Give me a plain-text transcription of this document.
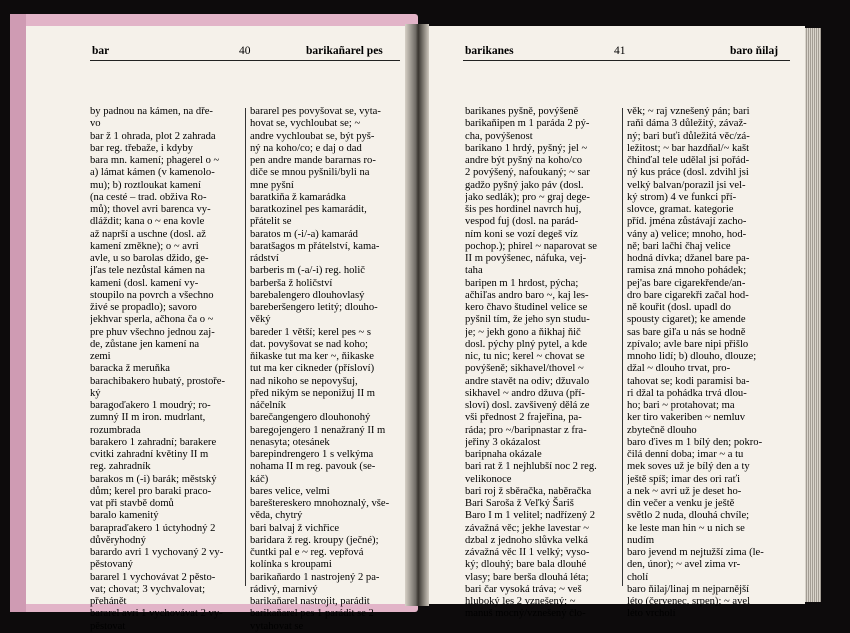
bar	40	barikañarel pes	barikanes	41	baro ňilaj
by padnou na kámen, na dře-
vo
bar ž 1 ohrada, plot 2 zahrada
bar reg. třebaže, i kdyby
bara mn. kamení; phagerel o ~
a) lámat kámen (v kamenolo-
mu); b) roztloukat kamení
(na cesté – trad. obživa Ro-
mů); thovel avri barenca vy-
dláždit; kana o ~ ena kovle
až naprší a uschne (dosl. až
kamení změkne); o ~ avri
avle, u so barolas džido, ge-
jľas tele nezůstal kámen na
kameni (dosl. kamení vy-
stoupilo na povrch a všechno
živé se propadlo); savoro
jekhvar sperla, ačhona ča o ~
pre phuv všechno jednou zaj-
de, zůstane jen kamení na
zemi
baracka ž meruňka
barachibakero hubatý, prostoře-
ký
baragoďakero 1 moudrý; ro-
zumný II m iron. mudrlant,
rozumbrada
barakero 1 zahradní; barakere
cvitki zahradní květiny II m
reg. zahradník
barakos m (-i) barák; městský
dům; kerel pro baraki praco-
vat při stavbě domů
baralo kamenitý
barapraďakero 1 úctyhodný 2
důvěryhodný
barardo avri 1 vychovaný 2 vy-
pěstovaný
bararel 1 vychovávat 2 pěsto-
vat; chovat; 3 vychvalovat;
přehánět
bararel avri 1 vychovávat 2 vy-
pěstovat
bararel pes povyšovat se, vyta-
hovat se, vychloubat se; ~
andre vychloubat se, být pyš-
ný na koho/co; e daj o dad
pen andre mande bararnas ro-
diče se mnou pyšnili/byli na
mne pyšní
baratkiňa ž kamarádka
baratkozinel pes kamarádit,
přátelit se
baratos m (-i/-a) kamarád
baratšagos m přátelství, kama-
rádství
barberis m (-a/-i) reg. holič
barberša ž holičství
barebalengero dlouhovlasý
bareberšengero letitý; dlouho-
věký
bareder 1 větší; kerel pes ~ s
dat. povyšovat se nad koho;
ňikaske tut ma ker ~, ňikaske
tut ma ker cikneder (přísloví)
nad nikoho se nepovyšuj,
před nikým se neponižuj II m
náčelník
barečangengero dlouhonohý
baregojengero 1 nenažraný II m
nenasyta; otesánek
barepindrengero 1 s velkýma
nohama II m reg. pavouk (se-
káč)
bares velice, velmi
bareštereskero mnohoznalý, vše-
věda, chytrý
bari balvaj ž vichřice
baridara ž reg. kroupy (ječné);
čuntki pal e ~ reg. vepřová
kolínka s kroupami
barikaňardo 1 nastrojený 2 pa-
rádivý, marnivý
barikaňarel nastrojit, parádit
barikaňarel pes 1 parádit se 2
vytahovat se
barikanes pyšně, povýšeně
barikaňipen m 1 paráda 2 pý-
cha, povýšenost
barikano 1 hrdý, pyšný; jel ~
andre být pyšný na koho/co
2 povýšený, nafoukaný; ~ sar
gadžo pyšný jako páv (dosl.
jako sedlák); pro ~ graj dege-
šis pes hordinel navrch huj,
vespod fuj (dosl. na parád-
ním koni se vozí degeš víz
pochop.); phirel ~ naparovat se
II m povýšenec, náfuka, vej-
taha
baripen m 1 hrdost, pýcha;
ačhiľas andro baro ~, kaj les-
kero čhavo študinel velice se
pyšnil tím, že jeho syn studu-
je; ~ jekh gono a ňikhaj ňič
dosl. pýchy plný pytel, a kde
nic, tu nic; kerel ~ chovat se
povýšeně; sikhavel/thovel ~
andre stavět na odiv; džuvalo
sikhavel ~ andro džuva (pří-
sloví) dosl. zavšivený dělá ze
vši přednost 2 frajeřina, pa-
ráda; pro ~/baripnastar z fra-
jeřiny 3 okázalost
baripnaha okázale
bari rat ž 1 nejhlubší noc 2 reg.
velikonoce
bari roj ž sběračka, naběračka
Bari Saroša ž Veľký Šariš
Baro I m 1 velitel; nadřízený 2
závažná věc; jekhe lavestar ~
dzbal z jednoho slůvka velká
závažná věc II 1 velký; vyso-
ký; dlouhý; bare bala dlouhé
vlasy; bare berša dlouhá léta;
bari čar vysoká tráva; ~ veš
hluboký les 2 vznešený; ~
manuš mocný/vznešený člo-
věk; ~ raj vznešený pán; bari
raňi dáma 3 důležitý, závaž-
ný; bari buťi důležitá věc/zá-
ležitost; ~ bar hazdňal/~ kašt
čhinďal tele udělal jsi pořád-
ný kus práce (dosl. zdvihl jsi
velký balvan/porazil jsi vel-
ký strom) 4 ve funkci pří-
slovce, gramat. kategorie
příd. jména zůstávají zacho-
vány a) velice; mnoho, hod-
ně; bari lačhi čhaj velice
hodná dívka; džanel bare pa-
ramisa zná mnoho pohádek;
pej'as bare cigarekřende/an-
dro bare cigarekři začal hod-
ně kouřit (dosl. upadl do
spousty cigaret); ke amende
sas bare giľa u nás se hodně
zpívalo; avle bare nipi přišlo
mnoho lidí; b) dlouho, dlouze;
džal ~ dlouho trvat, pro-
tahovat se; kodi paramisi ba-
ri džal ta pohádka trvá dlou-
ho; bari ~ protahovat; ma
ker tiro vakeriben ~ nemluv
zbytečně dlouho
baro ďives m 1 bílý den; pokro-
čilá denní doba; imar ~ a tu
mek soves už je bílý den a ty
ještě spíš; imar des ori raťi
a nek ~ avri už je deset ho-
din večer a venku je ještě
světlo 2 nuda, dlouhá chvíle;
ke leste man hin ~ u nich se
nudím
baro jevend m nejtužší zima (le-
den, únor); ~ avel zima vr-
cholí
baro ňilaj/linaj m nejparnější
léto (červenec, srpen); ~ avel
léto vrcholí
